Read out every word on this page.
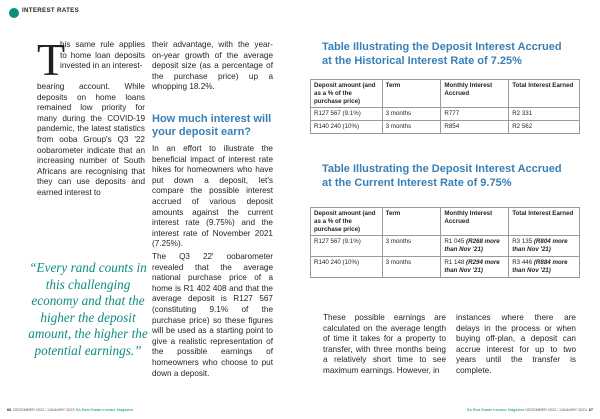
INTEREST RATES
T
his same rule applies to home loan deposits invested in an interest-
bearing account. While deposits on home loans remained low priority for many during the COVID-19 pandemic, the latest statistics from ooba Group's Q3 '22 oobarometer indicate that an increasing number of South Africans are recognising that they can use deposits and earned interest to
“Every rand counts in this challenging economy and that the higher the deposit amount, the higher the potential earnings.”
their advantage, with the year-on-year growth of the average deposit size (as a percentage of the purchase price) up a whopping 18.2%.
How much interest will your deposit earn?
In an effort to illustrate the beneficial impact of interest rate hikes for homeowners who have put down a deposit, let's compare the possible interest accrued of various deposit amounts against the current interest rate (9.75%) and the interest rate of November 2021 (7.25%).
The Q3 22' oobarometer revealed that the average national purchase price of a home is R1 402 408 and that the average deposit is R127 567 (constituting 9.1% of the purchase price) so these figures will be used as a starting point to give a realistic representation of the possible earnings of homeowners who choose to put down a deposit.
Table Illustrating the Deposit Interest Accrued at the Historical Interest Rate of 7.25%
Deposit amount (and as a % of the purchase price)	Term	Monthly Interest Accrued	Total Interest Earned
R127 567 (9.1%)	3 months	R777	R2 331
R140 240 (10%)	3 months	R854	R2 562
Table Illustrating the Deposit Interest Accrued at the Current Interest Rate of 9.75%
Deposit amount (and as a % of the purchase price)	Term	Monthly Interest Accrued	Total Interest Earned
R127 567 (9.1%)	3 months	R1 045 (R268 more than Nov '21)	R3 135 (R804 more than Nov '21)
R140 240 (10%)	3 months	R1 148 (R294 more than Nov '21)	R3 446 (R884 more than Nov '21)
These possible earnings are calculated on the average length of time it takes for a property to transfer, with three months being a relatively short time to see maximum earnings. However, in
instances where there are delays in the process or when buying off-plan, a deposit can accrue interest for up to two years until the transfer is complete.
66 DECEMBER 2022 / JANUARY 2023 SA Real Estate Investor Magazine	SA Real Estate Investor Magazine DECEMBER 2022 / JANUARY 2023 67
